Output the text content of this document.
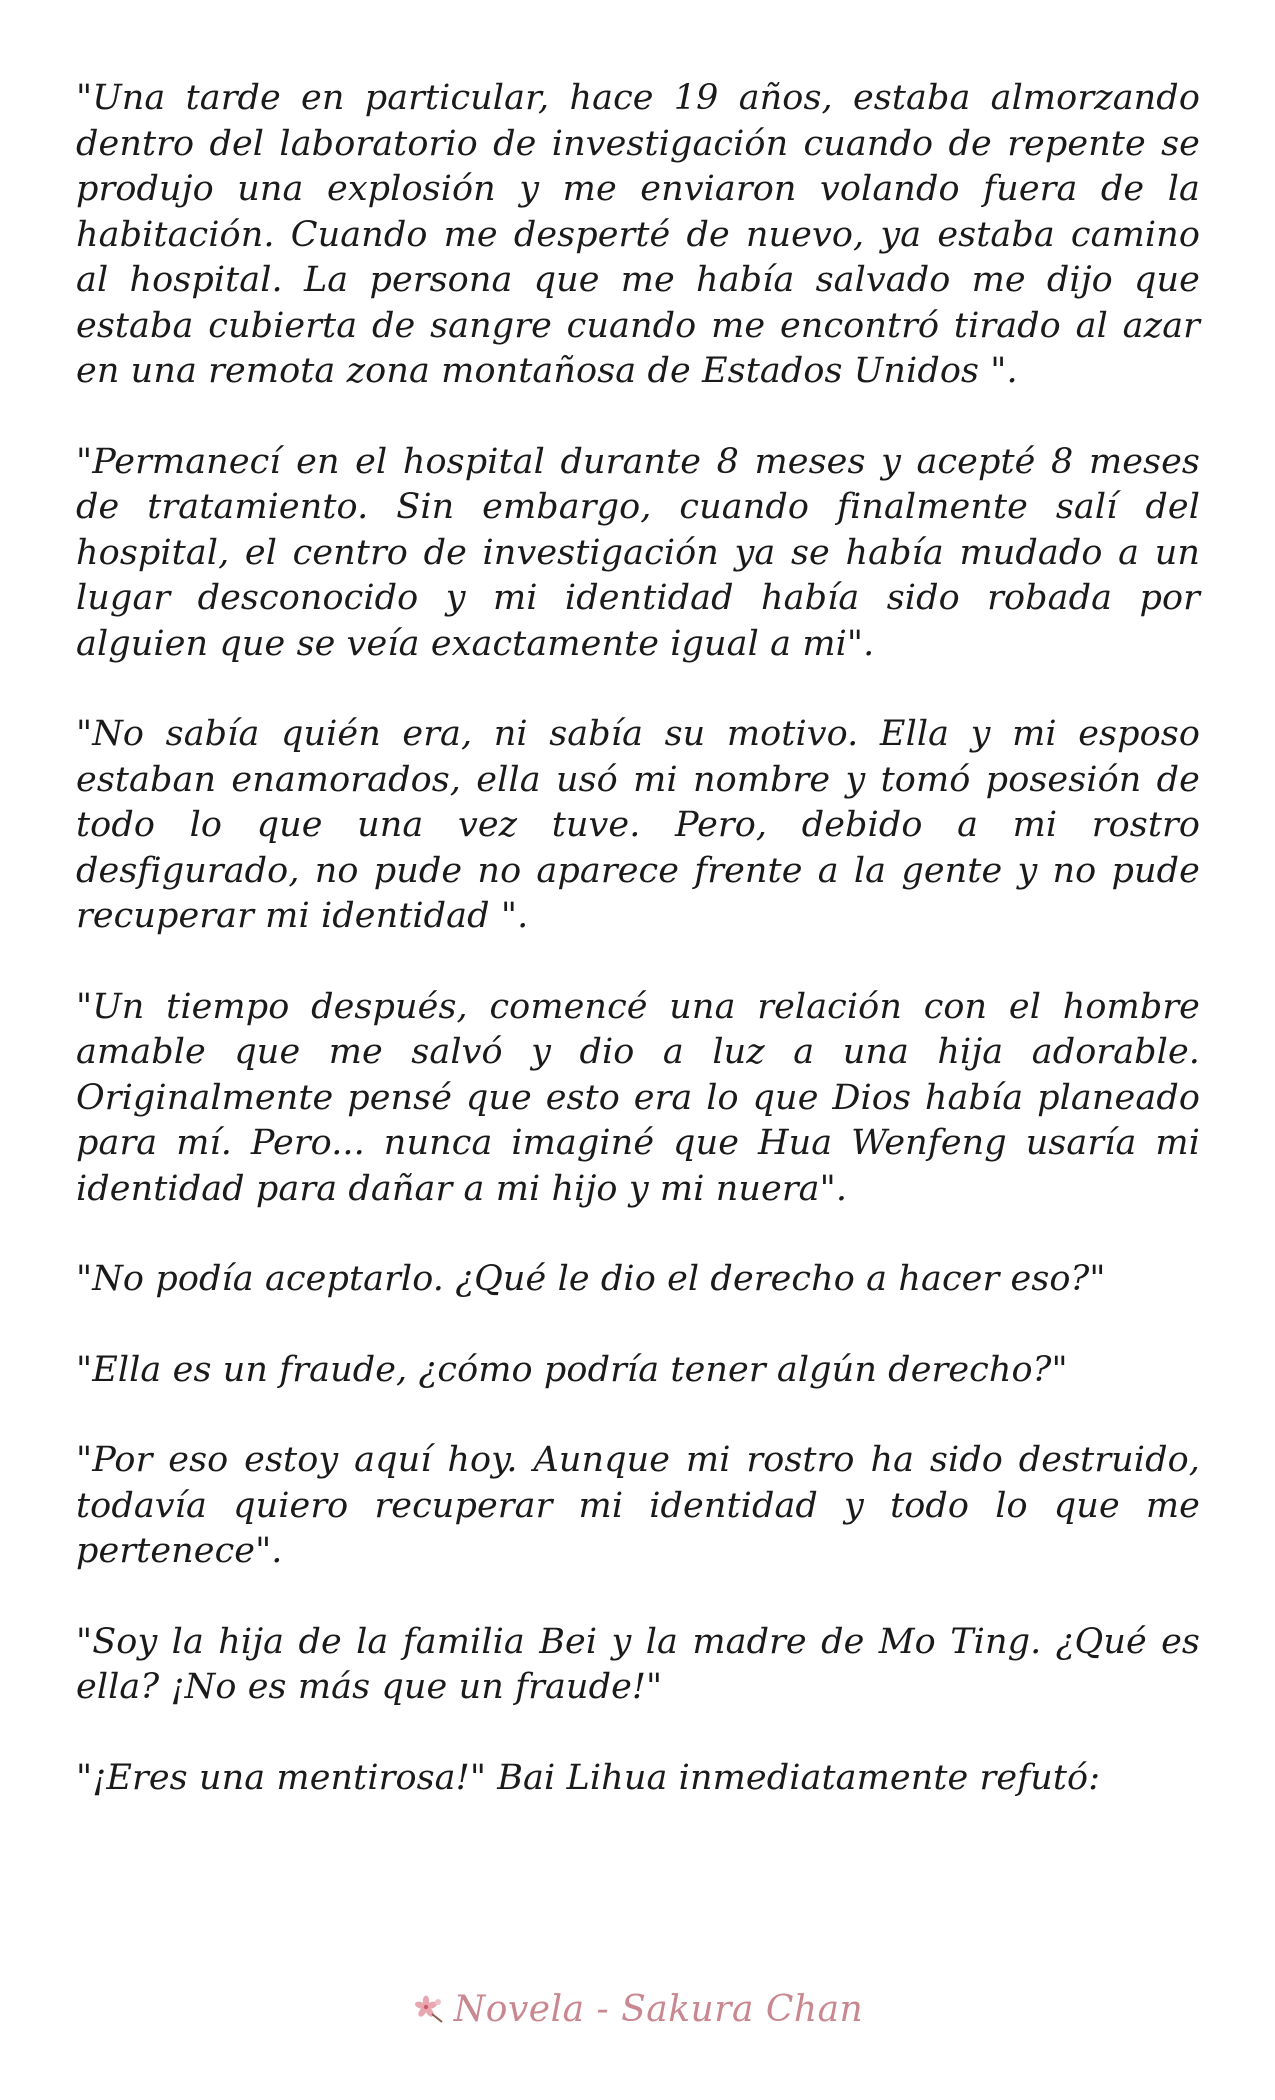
"Una tarde en particular, hace 19 años, estaba almorzando dentro del laboratorio de investigación cuando de repente se produjo una explosión y me enviaron volando fuera de la habitación. Cuando me desperté de nuevo, ya estaba camino al hospital. La persona que me había salvado me dijo que estaba cubierta de sangre cuando me encontró tirado al azar en una remota zona montañosa de Estados Unidos ".

"Permanecí en el hospital durante 8 meses y acepté 8 meses de tratamiento. Sin embargo, cuando finalmente salí del hospital, el centro de investigación ya se había mudado a un lugar desconocido y mi identidad había sido robada por alguien que se veía exactamente igual a mi".

"No sabía quién era, ni sabía su motivo. Ella y mi esposo estaban enamorados, ella usó mi nombre y tomó posesión de todo lo que una vez tuve. Pero, debido a mi rostro desfigurado, no pude no aparece frente a la gente y no pude recuperar mi identidad ".

"Un tiempo después, comencé una relación con el hombre amable que me salvó y dio a luz a una hija adorable. Originalmente pensé que esto era lo que Dios había planeado para mí. Pero... nunca imaginé que Hua Wenfeng usaría mi identidad para dañar a mi hijo y mi nuera".

"No podía aceptarlo. ¿Qué le dio el derecho a hacer eso?"

"Ella es un fraude, ¿cómo podría tener algún derecho?"

"Por eso estoy aquí hoy. Aunque mi rostro ha sido destruido, todavía quiero recuperar mi identidad y todo lo que me pertenece".

"Soy la hija de la familia Bei y la madre de Mo Ting. ¿Qué es ella? ¡No es más que un fraude!"

"¡Eres una mentirosa!" Bai Lihua inmediatamente refutó:

Novela - Sakura Chan
